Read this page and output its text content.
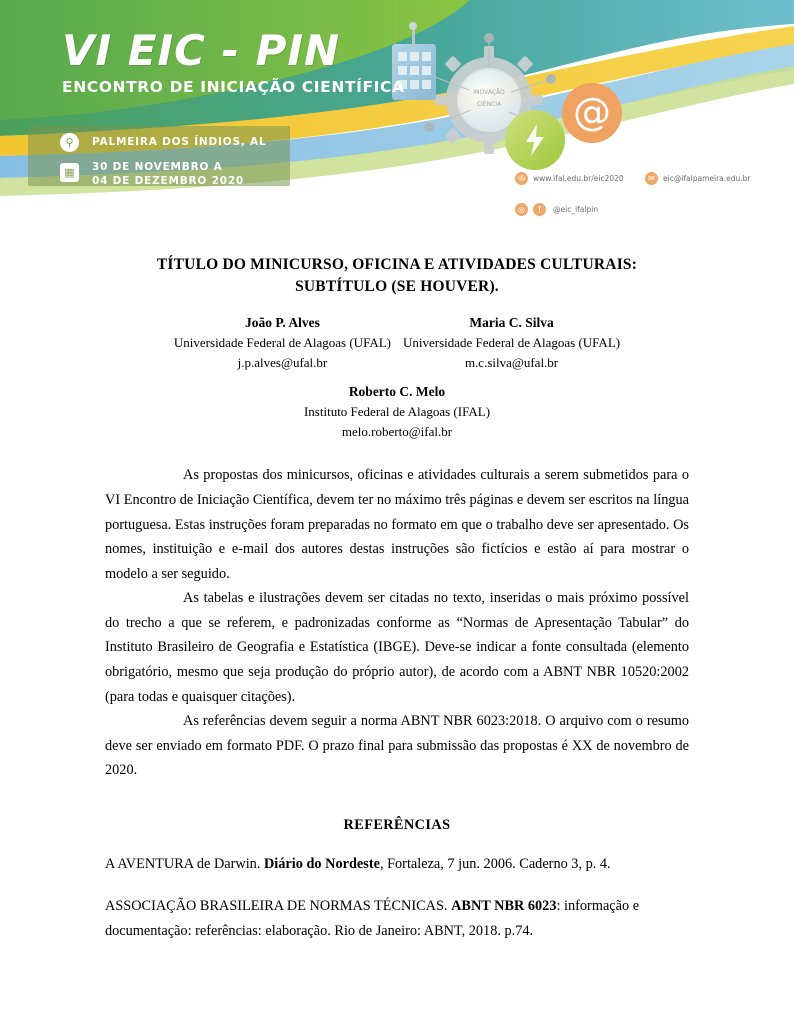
INOVAÇÃO
CIÊNCIA @
VI EIC - PIN
ENCONTRO DE INICIAÇÃO CIENTÍFICA
⚲
▦
PALMEIRA DOS ÍNDIOS, AL
30 DE NOVEMBRO A
04 DE DEZEMBRO 2020	✇	www.ifal.edu.br/eic2020	✉	eic@ifalpameira.edu.br
◎	f	@eic_ifalpin
TÍTULO DO MINICURSO, OFICINA E ATIVIDADES CULTURAIS:
SUBTÍTULO (SE HOUVER).
João P. Alves
Universidade Federal de Alagoas (UFAL)
j.p.alves@ufal.br
Maria C. Silva
Universidade Federal de Alagoas (UFAL)
m.c.silva@ufal.br
Roberto C. Melo
Instituto Federal de Alagoas (IFAL)
melo.roberto@ifal.br

As propostas dos minicursos, oficinas e atividades culturais a serem submetidos para o VI Encontro de Iniciação Científica, devem ter no máximo três páginas e devem ser escritos na língua portuguesa. Estas instruções foram preparadas no formato em que o trabalho deve ser apresentado. Os nomes, instituição e e-mail dos autores destas instruções são fictícios e estão aí para mostrar o modelo a ser seguido.

As tabelas e ilustrações devem ser citadas no texto, inseridas o mais próximo possível do trecho a que se referem, e padronizadas conforme as “Normas de Apresentação Tabular” do Instituto Brasileiro de Geografia e Estatística (IBGE). Deve-se indicar a fonte consultada (elemento obrigatório, mesmo que seja produção do próprio autor), de acordo com a ABNT NBR 10520:2002 (para todas e quaisquer citações).

As referências devem seguir a norma ABNT NBR 6023:2018. O arquivo com o resumo deve ser enviado em formato PDF. O prazo final para submissão das propostas é XX de novembro de 2020.

REFERÊNCIAS
A AVENTURA de Darwin. Diário do Nordeste, Fortaleza, 7 jun. 2006. Caderno 3, p. 4.
ASSOCIAÇÃO BRASILEIRA DE NORMAS TÉCNICAS. ABNT NBR 6023: informação e documentação: referências: elaboração. Rio de Janeiro: ABNT, 2018. p.74.
